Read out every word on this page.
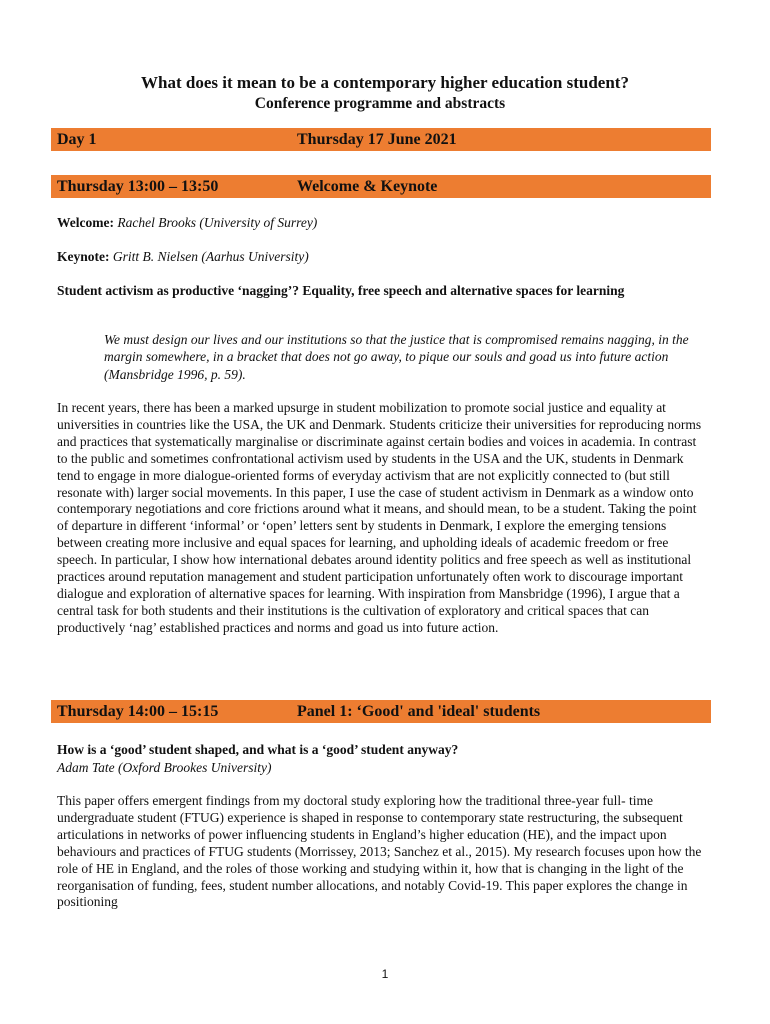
What does it mean to be a contemporary higher education student?
Conference programme and abstracts
Day 1	Thursday 17 June 2021
Thursday 13:00 – 13:50	Welcome & Keynote

Welcome: Rachel Brooks (University of Surrey)

Keynote: Gritt B. Nielsen (Aarhus University)

Student activism as productive ‘nagging’? Equality, free speech and alternative spaces for learning

We must design our lives and our institutions so that the justice that is compromised remains nagging, in the margin somewhere, in a bracket that does not go away, to pique our souls and goad us into future action (Mansbridge 1996, p. 59).

In recent years, there has been a marked upsurge in student mobilization to promote social justice and equality at universities in countries like the USA, the UK and Denmark. Students criticize their universities for reproducing norms and practices that systematically marginalise or discriminate against certain bodies and voices in academia. In contrast to the public and sometimes confrontational activism used by students in the USA and the UK, students in Denmark tend to engage in more dialogue-oriented forms of everyday activism that are not explicitly connected to (but still resonate with) larger social movements. In this paper, I use the case of student activism in Denmark as a window onto contemporary negotiations and core frictions around what it means, and should mean, to be a student. Taking the point of departure in different ‘informal’ or ‘open’ letters sent by students in Denmark, I explore the emerging tensions between creating more inclusive and equal spaces for learning, and upholding ideals of academic freedom or free speech. In particular, I show how international debates around identity politics and free speech as well as institutional practices around reputation management and student participation unfortunately often work to discourage important dialogue and exploration of alternative spaces for learning. With inspiration from Mansbridge (1996), I argue that a central task for both students and their institutions is the cultivation of exploratory and critical spaces that can productively ‘nag’ established practices and norms and goad us into future action.

Thursday 14:00 – 15:15	Panel 1: ‘Good' and 'ideal' students

How is a ‘good’ student shaped, and what is a ‘good’ student anyway?

Adam Tate (Oxford Brookes University)

This paper offers emergent findings from my doctoral study exploring how the traditional three-year full- time undergraduate student (FTUG) experience is shaped in response to contemporary state restructuring, the subsequent articulations in networks of power influencing students in England’s higher education (HE), and the impact upon behaviours and practices of FTUG students (Morrissey, 2013; Sanchez et al., 2015). My research focuses upon how the role of HE in England, and the roles of those working and studying within it, how that is changing in the light of the reorganisation of funding, fees, student number allocations, and notably Covid-19. This paper explores the change in positioning

1
